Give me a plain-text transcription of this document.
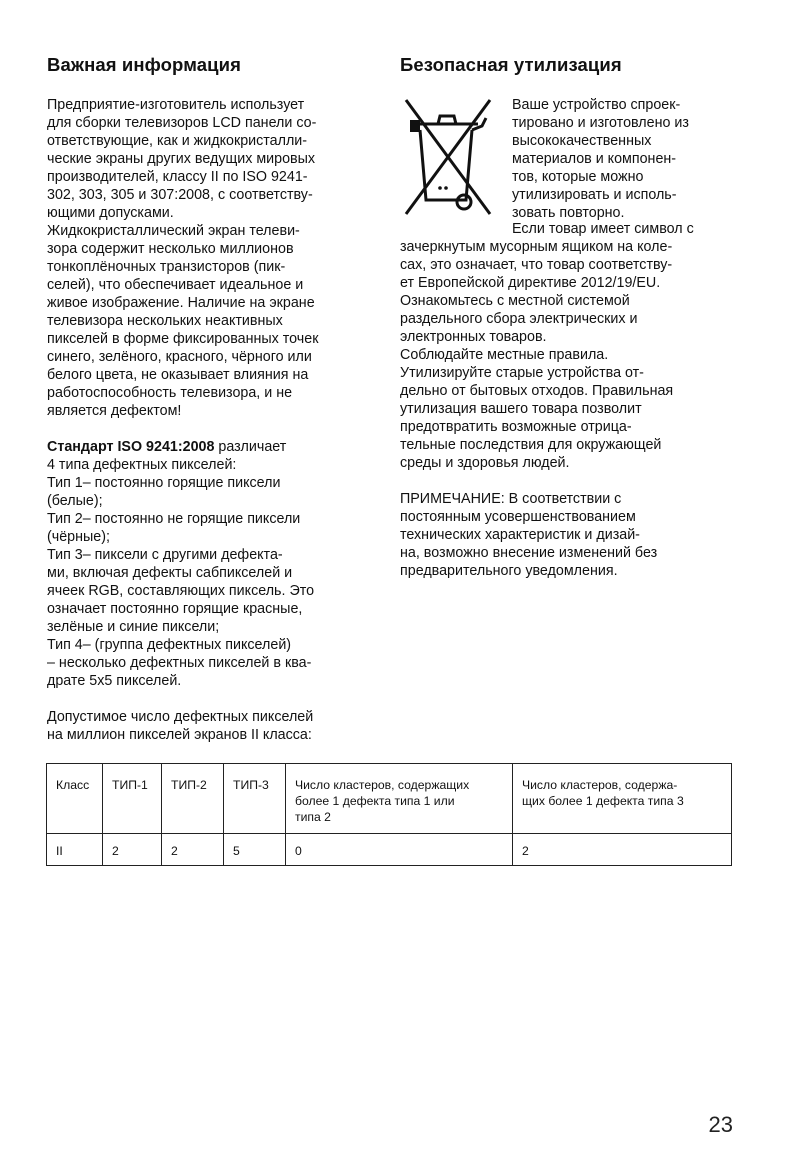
Важная информация

Предприятие-изготовитель использует
для сборки телевизоров LCD панели со-
ответствующие, как и жидкокристалли-
ческие экраны других ведущих мировых
производителей, классу II по ISO 9241-
302, 303, 305 и 307:2008, с соответству-
ющими допусками.
Жидкокристаллический экран телеви-
зора содержит несколько миллионов
тонкоплёночных транзисторов (пик-
селей), что обеспечивает идеальное и
живое изображение. Наличие на экране
телевизора нескольких неактивных
пикселей в форме фиксированных точек
синего, зелёного, красного, чёрного или
белого цвета, не оказывает влияния на
работоспособность телевизора, и не
является дефектом!

Стандарт ISO 9241:2008 различает

4 типа дефектных пикселей:
Тип 1– постоянно горящие пиксели
(белые);
Тип 2– постоянно не горящие пиксели
(чёрные);
Тип 3– пиксели с другими дефекта-
ми, включая дефекты сабпикселей и
ячеек RGB, составляющих пиксель. Это
означает постоянно горящие красные,
зелёные и синие пиксели;
Тип 4– (группа дефектных пикселей)
– несколько дефектных пикселей в ква-
драте 5x5 пикселей.

Допустимое число дефектных пикселей
на миллион пикселей экранов II класса:

Безопасная утилизация
Ваше устройство спроек-
тировано и изготовлено из
высококачественных
материалов и компонен-
тов, которые можно
утилизировать и исполь-
зовать повторно.
Если товар имеет символ с

зачеркнутым мусорным ящиком на коле-
сах, это означает, что товар соответству-
ет Европейской директиве 2012/19/EU.
Ознакомьтесь с местной системой
раздельного сбора электрических и
электронных товаров.
Соблюдайте местные правила.
Утилизируйте старые устройства от-
дельно от бытовых отходов. Правильная
утилизация вашего товара позволит
предотвратить возможные отрица-
тельные последствия для окружающей
среды и здоровья людей.

ПРИМЕЧАНИЕ: В соответствии с
постоянным усовершенствованием
технических характеристик и дизай-
на, возможно внесение изменений без
предварительного уведомления.

Класс	ТИП-1	ТИП-2	ТИП-3	Число кластеров, содержащих
более 1 дефекта типа 1 или
типа 2	Число кластеров, содержа-
щих более 1 дефекта типа 3
II	2	2	5	0	2
23
